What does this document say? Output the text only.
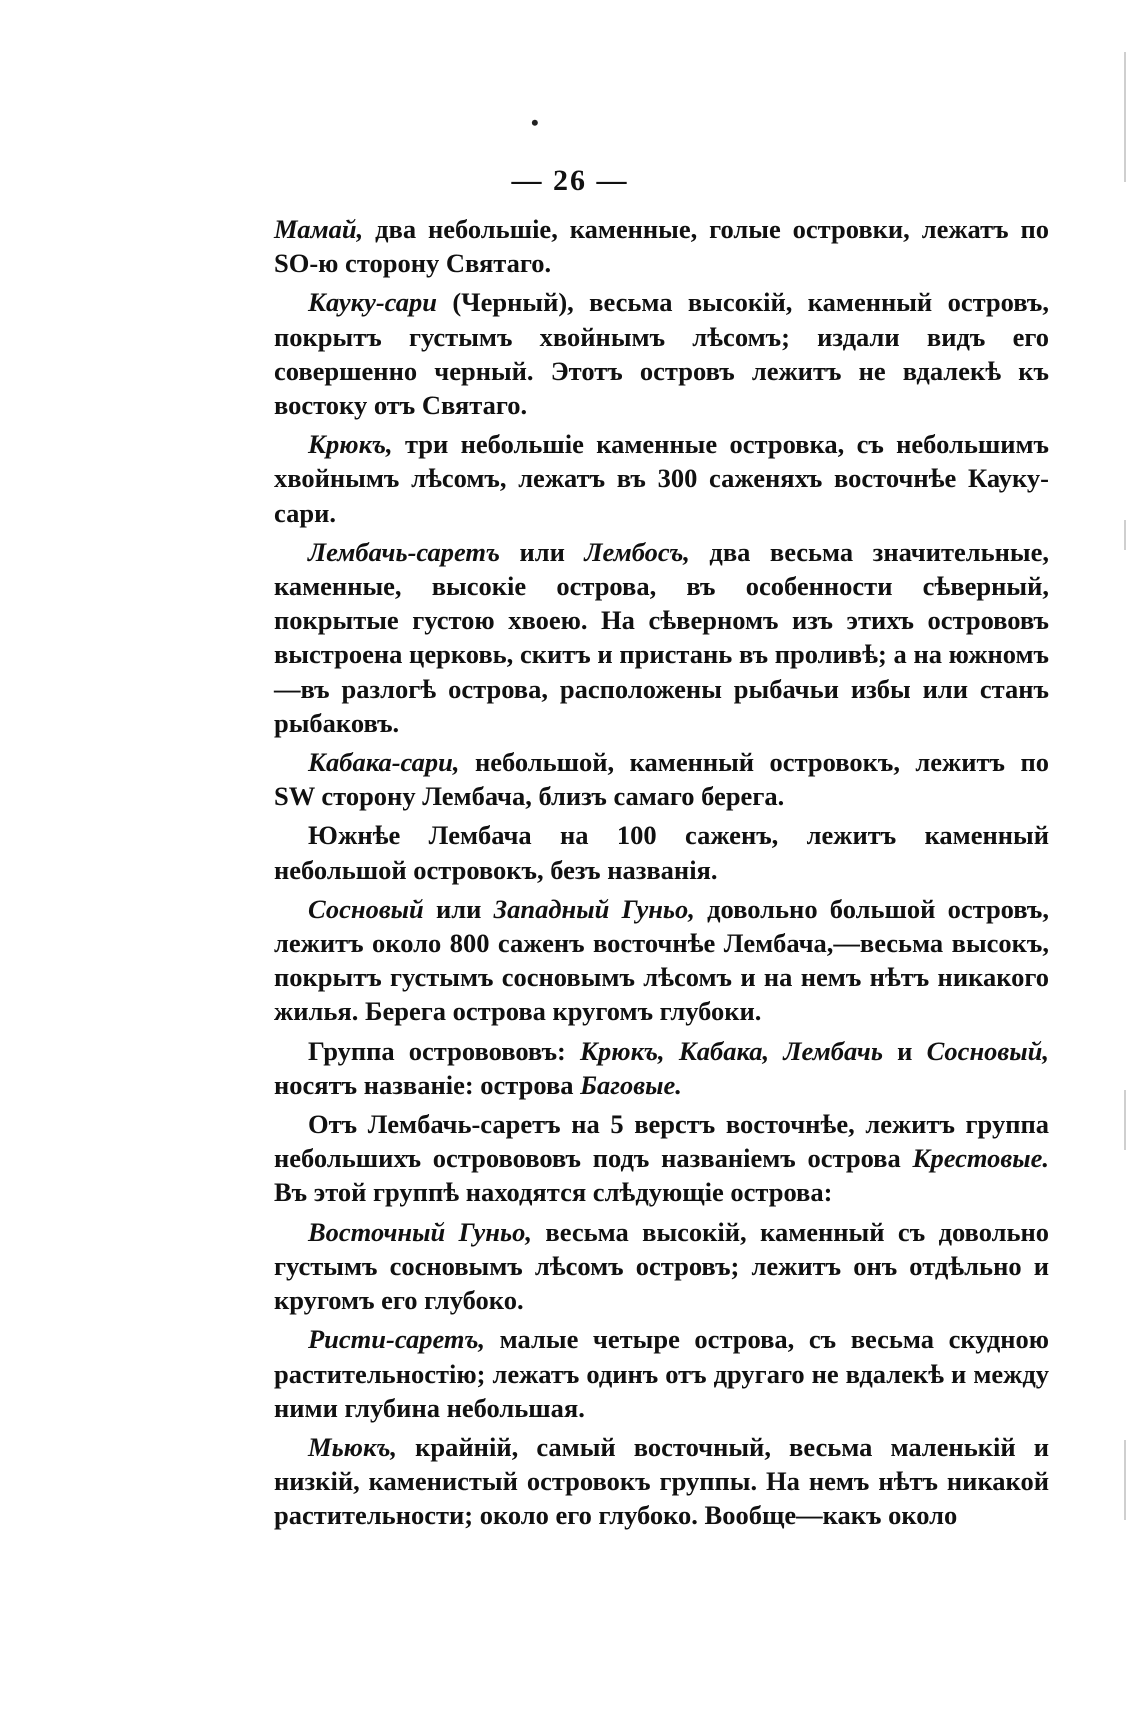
•
— 26 —

Мамай, два небольшіе, каменные, голые островки, лежатъ по SO-ю сторону Святаго.

Кауку-сари (Черный), весьма высокій, каменный островъ, покрытъ густымъ хвойнымъ лѣсомъ; издали видъ его совершенно черный. Этотъ островъ лежитъ не вдалекѣ къ востоку отъ Святаго.

Крюкъ, три небольшіе каменные островка, съ небольшимъ хвойнымъ лѣсомъ, лежатъ въ 300 саженяхъ восточнѣе Кауку-сари.

Лембачь-саретъ или Лембосъ, два весьма значительные, каменные, высокіе острова, въ особенности сѣверный, покрытые густою хвоею. На сѣверномъ изъ этихъ острововъ выстроена церковь, скитъ и пристань въ проливѣ; а на южномъ—въ разлогѣ острова, расположены рыбачьи избы или станъ рыбаковъ.

Кабака-сари, небольшой, каменный островокъ, лежитъ по SW сторону Лембача, близъ самаго берега.

Южнѣе Лембача на 100 саженъ, лежитъ каменный небольшой островокъ, безъ названія.

Сосновый или Западный Гуньо, довольно большой островъ, лежитъ около 800 саженъ восточнѣе Лембача,—весьма высокъ, покрытъ густымъ сосновымъ лѣсомъ и на немъ нѣтъ никакого жилья. Берега острова кругомъ глубоки.

Группа островововъ: Крюкъ, Кабака, Лембачь и Сосновый, носятъ названіе: острова Баговые.

Отъ Лембачь-саретъ на 5 верстъ восточнѣе, лежитъ группа небольшихъ островововъ подъ названіемъ острова Крестовые. Въ этой группѣ находятся слѣдующіе острова:

Восточный Гуньо, весьма высокій, каменный съ довольно густымъ сосновымъ лѣсомъ островъ; лежитъ онъ отдѣльно и кругомъ его глубоко.

Ристи-саретъ, малые четыре острова, съ весьма скудною растительностію; лежатъ одинъ отъ другаго не вдалекѣ и между ними глубина небольшая.

Мьюкъ, крайній, самый восточный, весьма маленькій и низкій, каменистый островокъ группы. На немъ нѣтъ никакой растительности; около его глубоко. Вообще—какъ около
